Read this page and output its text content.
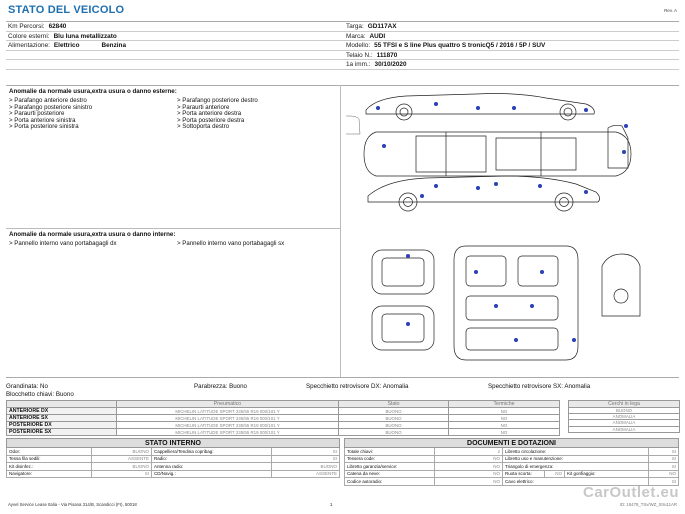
STATO DEL VEICOLO	Rev. A
Km Percorsi: 62840	Targa: GD117AX
Colore esterni: Blu luna metallizzato	Marca: AUDI
Alimentazione: Elettrico	Benzina	Modello: 55 TFSI e S line Plus quattro S tronicQ5 / 2016 / 5P / SUV
Telaio N.: 111870
1a imm.: 30/10/2020
Anomalie da normale usura,extra usura o danno esterne:
> Parafango anteriore destro	> Parafango posteriore destro
> Parafango posteriore sinistro	> Paraurti anteriore
> Paraurti posteriore	> Porta anteriore destra
> Porta anteriore sinistra	> Porta posteriore destra
> Porta posteriore sinistra	> Sottoporta destro
Anomalie da normale usura,extra usura o danno interne:
> Pannello interno vano portabagagli dx	> Pannello interno vano portabagagli sx
Grandinata: No	Parabrezza: Buono	Specchietto retrovisore DX: Anomalia	Specchietto retrovisore SX: Anomalia
Blocchetto chiavi: Buono
	Pneumatico	Stato	Termiche
ANTERIORE DX	MICHELIN LATITUDE SPORT 235/55 R19 000/101 Y	BUONO	NO
ANTERIORE SX	MICHELIN LATITUDE SPORT 235/55 R19 000/101 Y	BUONO	NO
POSTERIORE DX	MICHELIN LATITUDE SPORT 235/55 R19 000/101 Y	BUONO	NO
POSTERIORE SX	MICHELIN LATITUDE SPORT 235/55 R19 000/101 Y	BUONO	NO
Cerchi in lega
BUONO
ANOMALIA
ANOMALIA
ANOMALIA
STATO INTERNO			
Odor:	BUONO	Cappelliera/Tendina copribag:	SI
Tessa fila sedili:	ASSENTE	Radio:	SI
Kit disinfez.:	BUONO	Antenna radio:	BUONO
Navigatore:	SI	CD/Navig.:	ASSENTE
DOCUMENTI E DOTAZIONI					
Totale chiavi:	2	Libretto circolazione:			SI
Tessera code:	NO	Libretto uso e manutenzione:			SI
Libretto garanzia/service:	NO	Triangolo di emergenza:			SI
Catena da neve:	NO	Ruota scorta:	NO	Kit gonfiaggio:	NO
Codice autoradio:	NO	Cavo elettrico:			SI
CarOutlet.eu
Ayvel Service Lease Italia - Via Pisana 314/B, Scandicci (FI), 50018	1	ID: 18478_TSv/WZ_Stru11AR
